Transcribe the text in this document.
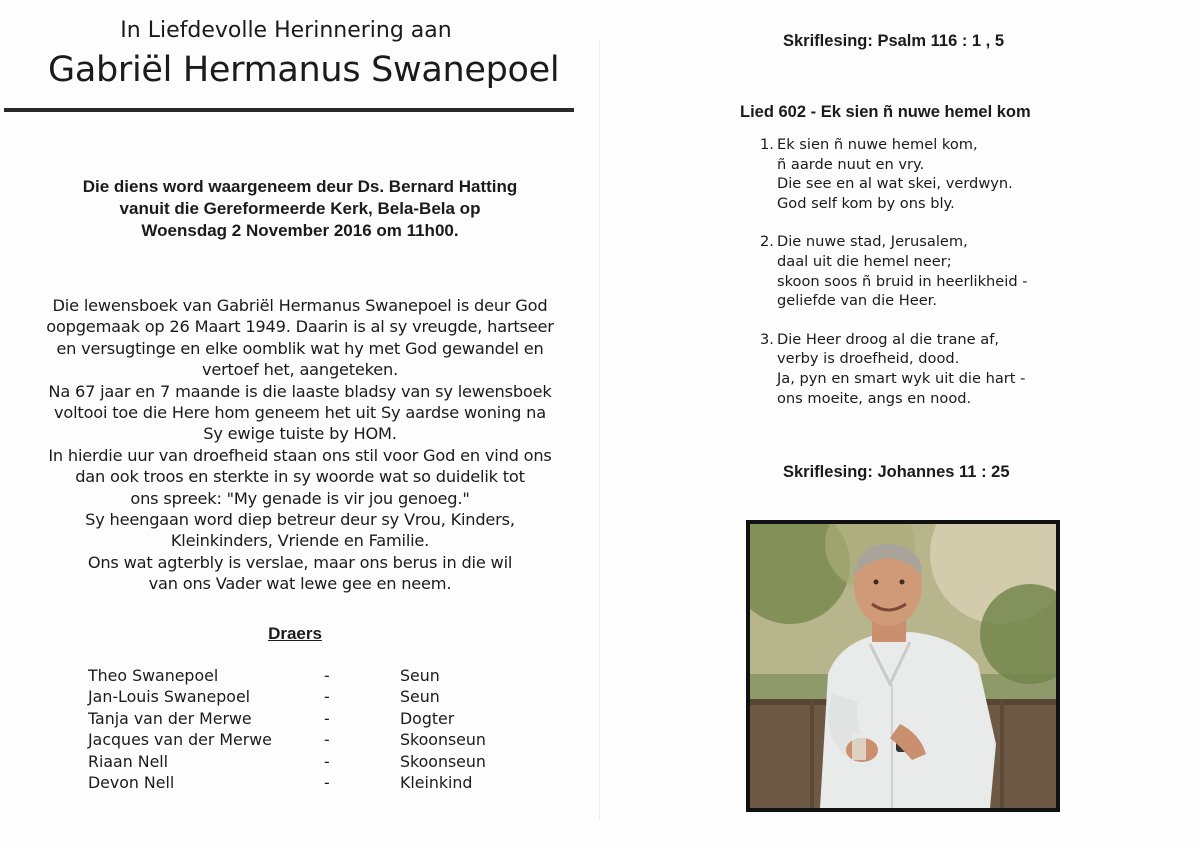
In Liefdevolle Herinnering aan
Gabriël Hermanus Swanepoel
Die diens word waargeneem deur Ds. Bernard Hatting
vanuit die Gereformeerde Kerk, Bela-Bela op
Woensdag 2 November 2016 om 11h00.
Die lewensboek van Gabriël Hermanus Swanepoel is deur God
oopgemaak op 26 Maart 1949. Daarin is al sy vreugde, hartseer
en versugtinge en elke oomblik wat hy met God gewandel en
vertoef het, aangeteken.
Na 67 jaar en 7 maande is die laaste bladsy van sy lewensboek
voltooi toe die Here hom geneem het uit Sy aardse woning na
Sy ewige tuiste by HOM.
In hierdie uur van droefheid staan ons stil voor God en vind ons
dan ook troos en sterkte in sy woorde wat so duidelik tot
ons spreek: "My genade is vir jou genoeg."
Sy heengaan word diep betreur deur sy Vrou, Kinders,
Kleinkinders, Vriende en Familie.
Ons wat agterbly is verslae, maar ons berus in die wil
van ons Vader wat lewe gee en neem.
Draers
Theo Swanepoel	-	Seun
Jan-Louis Swanepoel	-	Seun
Tanja van der Merwe	-	Dogter
Jacques van der Merwe	-	Skoonseun
Riaan Nell	-	Skoonseun
Devon Nell	-	Kleinkind
Skriflesing: Psalm 116 : 1 , 5
Lied 602 - Ek sien ñ nuwe hemel kom
1. Ek sien ñ nuwe hemel kom,
ñ aarde nuut en vry.
Die see en al wat skei, verdwyn.
God self kom by ons bly.
2. Die nuwe stad, Jerusalem,
daal uit die hemel neer;
skoon soos ñ bruid in heerlikheid -
geliefde van die Heer.
3. Die Heer droog al die trane af,
verby is droefheid, dood.
Ja, pyn en smart wyk uit die hart -
ons moeite, angs en nood.
Skriflesing: Johannes 11 : 25
